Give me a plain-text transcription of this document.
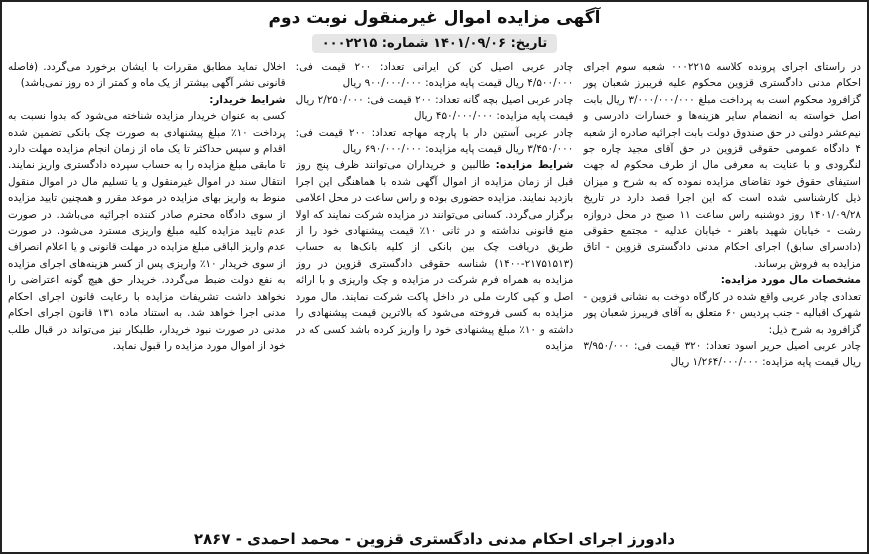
آگهی مزایده اموال غیرمنقول نوبت دوم
تاریخ: ۱۴۰۱/۰۹/۰۶ شماره: ۰۰۰۲۲۱۵

در راستای اجرای پرونده کلاسه ۰۰۰۲۲۱۵ شعبه سوم اجرای احکام مدنی دادگستری قزوین محکوم علیه فریبرز شعبان پور گزافرود محکوم است به پرداخت مبلغ ۳/۰۰۰/۰۰۰/۰۰۰ ریال بابت اصل خواسته به انضمام سایر هزینه‌ها و خسارات دادرسی و نیم‌عشر دولتی در حق صندوق دولت بابت اجرائیه صادره از شعبه ۴ دادگاه عمومی حقوقی قزوین در حق آقای مجید چاره جو لنگرودی و با عنایت به معرفی مال از طرف محکوم له جهت استیفای حقوق خود تقاضای مزایده نموده که به شرح و میزان ذیل کارشناسی شده است که این اجرا قصد دارد در تاریخ ۱۴۰۱/۰۹/۲۸ روز دوشنبه راس ساعت ۱۱ صبح در محل دروازه رشت - خیابان شهید باهنر - خیابان عدلیه - مجتمع حقوقی (دادسرای سابق) اجرای احکام مدنی دادگستری قزوین - اتاق مزایده به فروش برساند.

مشخصات مال مورد مزایده:

تعدادی چادر عربی واقع شده در کارگاه دوخت به نشانی قزوین - شهرک اقبالیه - جنب پردیس ۶۰ متعلق به آقای فریبرز شعبان پور گزافرود به شرح ذیل:

چادر عربی اصیل حریر اسود تعداد: ۳۲۰ قیمت فی: ۳/۹۵۰/۰۰۰ ریال قیمت پایه مزایده: ۱/۲۶۴/۰۰۰/۰۰۰ ریال

چادر عربی اصیل کن کن ایرانی تعداد: ۲۰۰ قیمت فی: ۴/۵۰۰/۰۰۰ ریال قیمت پایه مزایده: ۹۰۰/۰۰۰/۰۰۰ ریال

چادر عربی اصیل بچه گانه تعداد: ۲۰۰ قیمت فی: ۲/۲۵۰/۰۰۰ ریال قیمت پایه مزایده: ۴۵۰/۰۰۰/۰۰۰ ریال

چادر عربی آستین دار با پارچه مهاجه تعداد: ۲۰۰ قیمت فی: ۳/۴۵۰/۰۰۰ ریال قیمت پایه مزایده: ۶۹۰/۰۰۰/۰۰۰ ریال

شرایط مزایده: طالبین و خریداران می‌توانند ظرف پنج روز قبل از زمان مزایده از اموال آگهی شده با هماهنگی این اجرا بازدید نمایند. مزایده حضوری بوده و راس ساعت در محل اعلامی برگزار می‌گردد. کسانی می‌توانند در مزایده شرکت نمایند که اولا منع قانونی نداشته و در ثانی ۱۰٪ قیمت پیشنهادی خود را از طریق دریافت چک بین بانکی از کلیه بانک‌ها به حساب (۲۱۷۵۱۵۱۳-۱۴۰۰) شناسه حقوقی دادگستری قزوین در روز مزایده به همراه فرم شرکت در مزایده و چک واریزی و با ارائه اصل و کپی کارت ملی در داخل پاکت شرکت نمایند. مال مورد مزایده به کسی فروخته می‌شود که بالاترین قیمت پیشنهادی را داشته و ۱۰٪ مبلغ پیشنهادی خود را واریز کرده باشد کسی که در مزایده

اخلال نماید مطابق مقررات با ایشان برخورد می‌گردد. (فاصله قانونی نشر آگهی بیشتر از یک ماه و کمتر از ده روز نمی‌باشد)

شرایط خریدار:

کسی به عنوان خریدار مزایده شناخته می‌شود که بدوا نسبت به پرداخت ۱۰٪ مبلغ پیشنهادی به صورت چک بانکی تضمین شده اقدام و سپس حداکثر تا یک ماه از زمان انجام مزایده مهلت دارد تا مابقی مبلغ مزایده را به حساب سپرده دادگستری واریز نمایند. انتقال سند در اموال غیرمنقول و یا تسلیم مال در اموال منقول منوط به واریز بهای مزایده در موعد مقرر و همچنین تایید مزایده از سوی دادگاه محترم صادر کننده اجرائیه می‌باشد. در صورت عدم تایید مزایده کلیه مبلغ واریزی مسترد می‌شود. در صورت عدم واریز الباقی مبلغ مزایده در مهلت قانونی و یا اعلام انصراف از سوی خریدار ۱۰٪ واریزی پس از کسر هزینه‌های اجرای مزایده به نفع دولت ضبط می‌گردد. خریدار حق هیچ گونه اعتراضی را نخواهد داشت تشریفات مزایده با رعایت قانون اجرای احکام مدنی اجرا خواهد شد. به استناد ماده ۱۳۱ قانون اجرای احکام مدنی در صورت نبود خریدار، طلبکار نیز می‌تواند در قبال طلب خود از اموال مورد مزایده را قبول نماید.

دادورز اجرای احکام مدنی دادگستری قزوین - محمد احمدی - ۲۸۶۷
